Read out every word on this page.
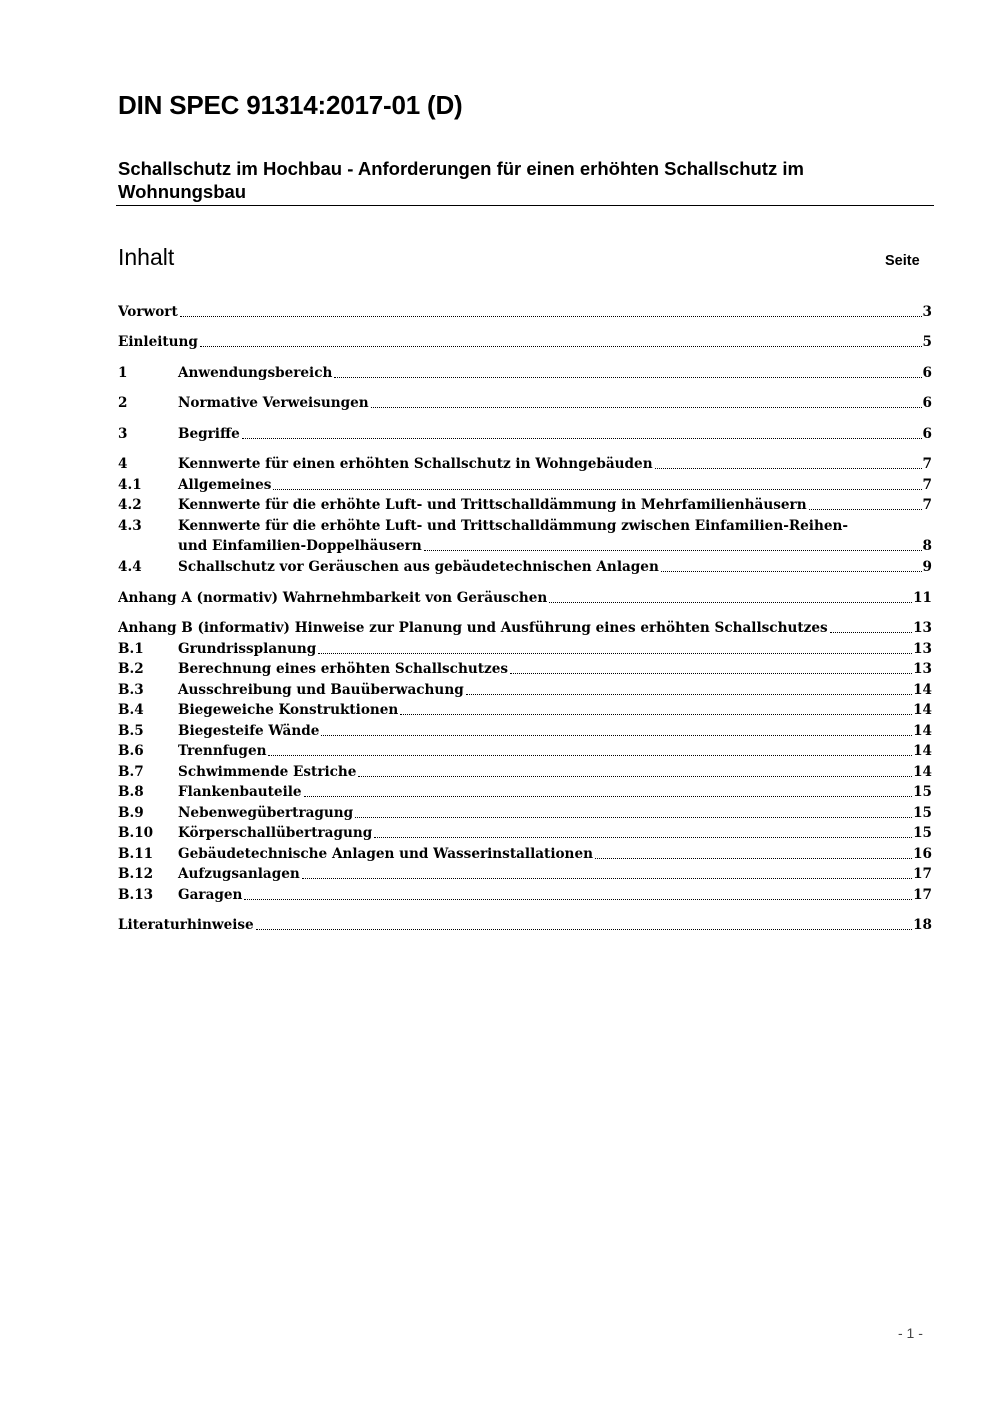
DIN SPEC 91314:2017-01 (D)
Schallschutz im Hochbau - Anforderungen für einen erhöhten Schallschutz im Wohnungsbau
Inhalt	Seite
Vorwort	3
Einleitung	5
1	Anwendungsbereich	6
2	Normative Verweisungen	6
3	Begriffe	6
4	Kennwerte für einen erhöhten Schallschutz in Wohngebäuden	7
4.1	Allgemeines	7
4.2	Kennwerte für die erhöhte Luft- und Trittschalldämmung in Mehrfamilienhäusern	7
4.3	Kennwerte für die erhöhte Luft- und Trittschalldämmung zwischen Einfamilien-Reihen-
und Einfamilien-Doppelhäusern	8
4.4	Schallschutz vor Geräuschen aus gebäudetechnischen Anlagen	9
Anhang A (normativ) Wahrnehmbarkeit von Geräuschen	11
Anhang B (informativ) Hinweise zur Planung und Ausführung eines erhöhten Schallschutzes	13
B.1	Grundrissplanung	13
B.2	Berechnung eines erhöhten Schallschutzes	13
B.3	Ausschreibung und Bauüberwachung	14
B.4	Biegeweiche Konstruktionen	14
B.5	Biegesteife Wände	14
B.6	Trennfugen	14
B.7	Schwimmende Estriche	14
B.8	Flankenbauteile	15
B.9	Nebenwegübertragung	15
B.10	Körperschallübertragung	15
B.11	Gebäudetechnische Anlagen und Wasserinstallationen	16
B.12	Aufzugsanlagen	17
B.13	Garagen	17
Literaturhinweise	18
- 1 -
